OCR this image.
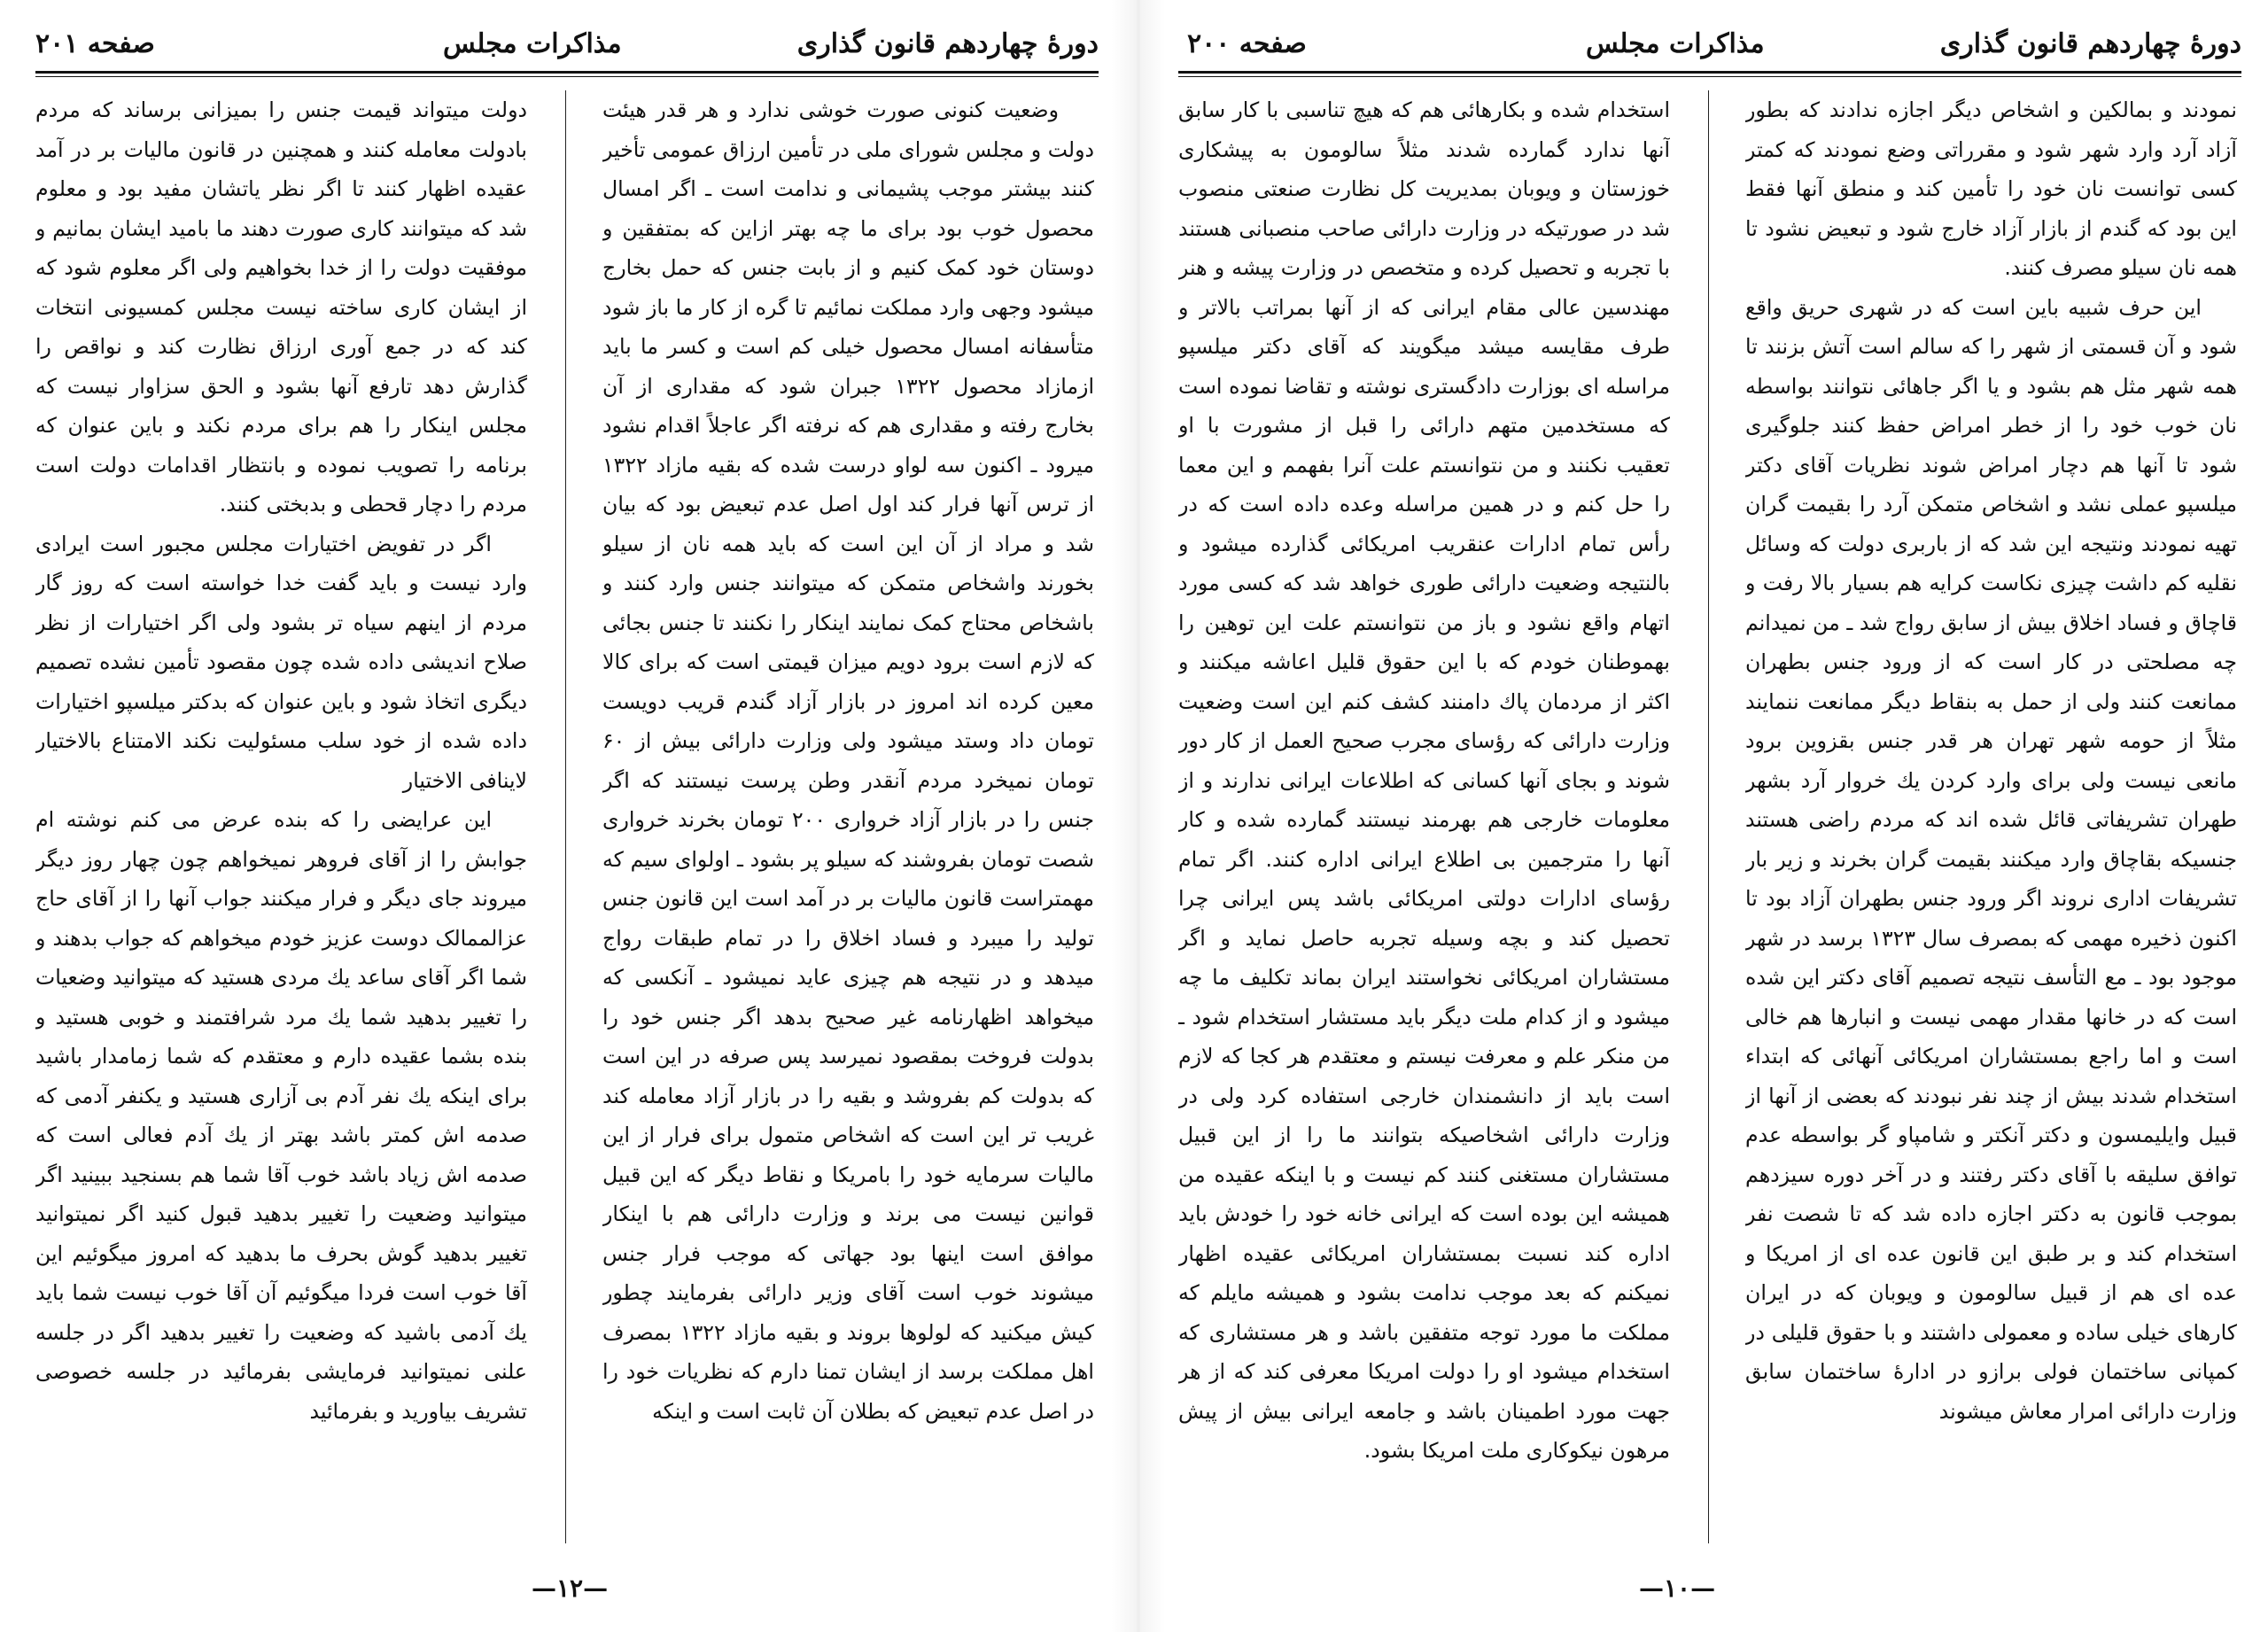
صفحه ۲۰۱	مذاکرات مجلس	دورهٔ چهاردهم قانون گذاری

دولت میتواند قیمت جنس را بمیزانی برساند که مردم بادولت معامله کنند و همچنین در قانون مالیات بر در آمد عقیده اظهار کنند تا اگر نظر یاتشان مفید بود و معلوم شد که میتوانند کاری صورت دهند ما بامید ایشان بمانیم و موفقیت دولت را از خدا بخواهیم ولی اگر معلوم شود که از ایشان کاری ساخته نیست مجلس کمسیونی انتخات کند که در جمع آوری ارزاق نظارت کند و نواقص را گذارش دهد تارفع آنها بشود و الحق سزاوار نیست که مجلس اینکار را هم برای مردم نکند و باین عنوان که برنامه را تصویب نموده و بانتظار اقدامات دولت است مردم را دچار قحطی و بدبختی کنند.

اگر در تفویض اختیارات مجلس مجبور است ایرادی وارد نیست و باید گفت خدا خواسته است که روز گار مردم از اینهم سیاه تر بشود ولی اگر اختیارات از نظر صلاح اندیشی داده شده چون مقصود تأمین نشده تصمیم دیگری اتخاذ شود و باین عنوان که بدکتر میلسپو اختیارات داده شده از خود سلب مسئولیت نکند الامتناع بالاختیار لاینافی الاختیار

این عرایضی را که بنده عرض می کنم نوشته ام جوابش را از آقای فروهر نمیخواهم چون چهار روز دیگر میروند جای دیگر و فرار میکنند جواب آنها را از آقای حاج عزالممالک دوست عزیز خودم میخواهم که جواب بدهند و شما اگر آقای ساعد یك مردی هستید که میتوانید وضعیات را تغییر بدهید شما یك مرد شرافتمند و خوبی هستید و بنده بشما عقیده دارم و معتقدم که شما زمامدار باشید برای اینکه یك نفر آدم بی آزاری هستید و یکنفر آدمی که صدمه اش کمتر باشد بهتر از یك آدم فعالی است که صدمه اش زیاد باشد خوب آقا شما هم بسنجید ببینید اگر میتوانید وضعیت را تغییر بدهید قبول کنید اگر نمیتوانید تغییر بدهید گوش بحرف ما بدهید که امروز میگوئیم این آقا خوب است فردا میگوئیم آن آقا خوب نیست شما باید یك آدمی باشید که وضعیت را تغییر بدهید اگر در جلسه علنی نمیتوانید فرمایشی بفرمائید در جلسه خصوصی تشریف بیاورید و بفرمائید

وضعیت کنونی صورت خوشی ندارد و هر قدر هیئت دولت و مجلس شورای ملی در تأمین ارزاق عمومی تأخیر کنند بیشتر موجب پشیمانی و ندامت است ـ اگر امسال محصول خوب بود برای ما چه بهتر ازاین که بمتفقین و دوستان خود کمک کنیم و از بابت جنس که حمل بخارج میشود وجهی وارد مملکت نمائیم تا گره از کار ما باز شود متأسفانه امسال محصول خیلی کم است و کسر ما باید ازمازاد محصول ۱۳۲۲ جبران شود که مقداری از آن بخارج رفته و مقداری هم که نرفته اگر عاجلاً اقدام نشود میرود ـ اکنون سه لواو درست شده که بقیه مازاد ۱۳۲۲ از ترس آنها فرار کند اول اصل عدم تبعیض بود که بیان شد و مراد از آن این است که باید همه نان از سیلو بخورند واشخاص متمکن که میتوانند جنس وارد کنند و باشخاص محتاج کمک نمایند اینکار را نکنند تا جنس بجائی که لازم است برود دویم میزان قیمتی است که برای کالا معین کرده اند امروز در بازار آزاد گندم قریب دویست تومان داد وستد میشود ولی وزارت دارائی بیش از ۶۰ تومان نمیخرد مردم آنقدر وطن پرست نیستند که اگر جنس را در بازار آزاد خرواری ۲۰۰ تومان بخرند خرواری شصت تومان بفروشند که سیلو پر بشود ـ اولوای سیم که مهمتراست قانون مالیات بر در آمد است این قانون جنس تولید را میبرد و فساد اخلاق را در تمام طبقات رواج میدهد و در نتیجه هم چیزی عاید نمیشود ـ آنکسی که میخواهد اظهارنامه غیر صحیح بدهد اگر جنس خود را بدولت فروخت بمقصود نمیرسد پس صرفه در این است که بدولت کم بفروشد و بقیه را در بازار آزاد معامله کند غریب تر این است که اشخاص متمول برای فرار از این مالیات سرمایه خود را بامریکا و نقاط دیگر که این قبیل قوانین نیست می برند و وزارت دارائی هم با اینکار موافق است اینها بود جهاتی که موجب فرار جنس میشوند خوب است آقای وزیر دارائی بفرمایند چطور کیش میکنید که لولوها بروند و بقیه مازاد ۱۳۲۲ بمصرف اهل مملکت برسد از ایشان تمنا دارم که نظریات خود را در اصل عدم تبعیض که بطلان آن ثابت است و اینکه

—۱۲—
صفحه ۲۰۰	مذاکرات مجلس	دورهٔ چهاردهم قانون گذاری

استخدام شده و بکارهائی هم که هیچ تناسبی با کار سابق آنها ندارد گمارده شدند مثلاً سالومون به پیشکاری خوزستان و ویوبان بمدیریت کل نظارت صنعتی منصوب شد در صورتیکه در وزارت دارائی صاحب منصبانی هستند با تجربه و تحصیل کرده و متخصص در وزارت پیشه و هنر مهندسین عالی مقام ایرانی که از آنها بمراتب بالاتر و طرف مقایسه میشد میگویند که آقای دکتر میلسپو مراسله ای بوزارت دادگستری نوشته و تقاضا نموده است که مستخدمین متهم دارائی را قبل از مشورت با او تعقیب نکنند و من نتوانستم علت آنرا بفهمم و این معما را حل کنم و در همین مراسله وعده داده است که در رأس تمام ادارات عنقریب امریکائی گذارده میشود و بالنتیجه وضعیت دارائی طوری خواهد شد که کسی مورد اتهام واقع نشود و باز من نتوانستم علت این توهین را بهموطنان خودم که با این حقوق قلیل اعاشه میکنند و اکثر از مردمان پاك دامنند کشف کنم این است وضعیت وزارت دارائی که رؤسای مجرب صحیح العمل از کار دور شوند و بجای آنها کسانی که اطلاعات ایرانی ندارند و از معلومات خارجی هم بهرمند نیستند گمارده شده و کار آنها را مترجمین بی اطلاع ایرانی اداره کنند. اگر تمام رؤسای ادارات دولتی امریکائی باشد پس ایرانی چرا تحصیل کند و بچه وسیله تجربه حاصل نماید و اگر مستشاران امریکائی نخواستند ایران بماند تکلیف ما چه میشود و از کدام ملت دیگر باید مستشار استخدام شود ـ من منکر علم و معرفت نیستم و معتقدم هر کجا که لازم است باید از دانشمندان خارجی استفاده کرد ولی در وزارت دارائی اشخاصیکه بتوانند ما را از این قبیل مستشاران مستغنی کنند کم نیست و با اینکه عقیده من همیشه این بوده است که ایرانی خانه خود را خودش باید اداره کند نسبت بمستشاران امریکائی عقیده اظهار نمیکنم که بعد موجب ندامت بشود و همیشه مایلم که مملکت ما مورد توجه متفقین باشد و هر مستشاری که استخدام میشود او را دولت امریکا معرفی کند که از هر جهت مورد اطمینان باشد و جامعه ایرانی بیش از پیش مرهون نیکوکاری ملت امریکا بشود.

نمودند و بمالکین و اشخاص دیگر اجازه ندادند که بطور آزاد آرد وارد شهر شود و مقرراتی وضع نمودند که کمتر کسی توانست نان خود را تأمین کند و منطق آنها فقط این بود که گندم از بازار آزاد خارج شود و تبعیض نشود تا همه نان سیلو مصرف کنند.

این حرف شبیه باین است که در شهری حریق واقع شود و آن قسمتی از شهر را که سالم است آتش بزنند تا همه شهر مثل هم بشود و یا اگر جاهائی نتوانند بواسطه نان خوب خود را از خطر امراض حفظ کنند جلوگیری شود تا آنها هم دچار امراض شوند نظریات آقای دکتر میلسپو عملی نشد و اشخاص متمکن آرد را بقیمت گران تهیه نمودند ونتیجه این شد که از باربری دولت که وسائل نقلیه کم داشت چیزی نکاست کرایه هم بسیار بالا رفت و قاچاق و فساد اخلاق بیش از سابق رواج شد ـ من نمیدانم چه مصلحتی در کار است که از ورود جنس بطهران ممانعت کنند ولی از حمل به بنقاط دیگر ممانعت ننمایند مثلاً از حومه شهر تهران هر قدر جنس بقزوین برود مانعی نیست ولی برای وارد کردن یك خروار آرد بشهر طهران تشریفاتی قائل شده اند که مردم راضی هستند جنسیکه بقاچاق وارد میکنند بقیمت گران بخرند و زیر بار تشریفات اداری نروند اگر ورود جنس بطهران آزاد بود تا اکنون ذخیره مهمی که بمصرف سال ۱۳۲۳ برسد در شهر موجود بود ـ مع التأسف نتیجه تصمیم آقای دکتر این شده است که در خانها مقدار مهمی نیست و انبارها هم خالی است و اما راجع بمستشاران امریکائی آنهائی که ابتداء استخدام شدند بیش از چند نفر نبودند که بعضی از آنها از قبیل وایلیمسون و دکتر آنکتر و شامپاو گر بواسطه عدم توافق سلیقه با آقای دکتر رفتند و در آخر دوره سیزدهم بموجب قانون به دکتر اجازه داده شد که تا شصت نفر استخدام کند و بر طبق این قانون عده ای از امریکا و عده ای هم از قبیل سالومون و ویوبان که در ایران کارهای خیلی ساده و معمولی داشتند و با حقوق قلیلی در کمپانی ساختمان فولی برازو در ادارهٔ ساختمان سابق وزارت دارائی امرار معاش میشوند

—۱۰—
